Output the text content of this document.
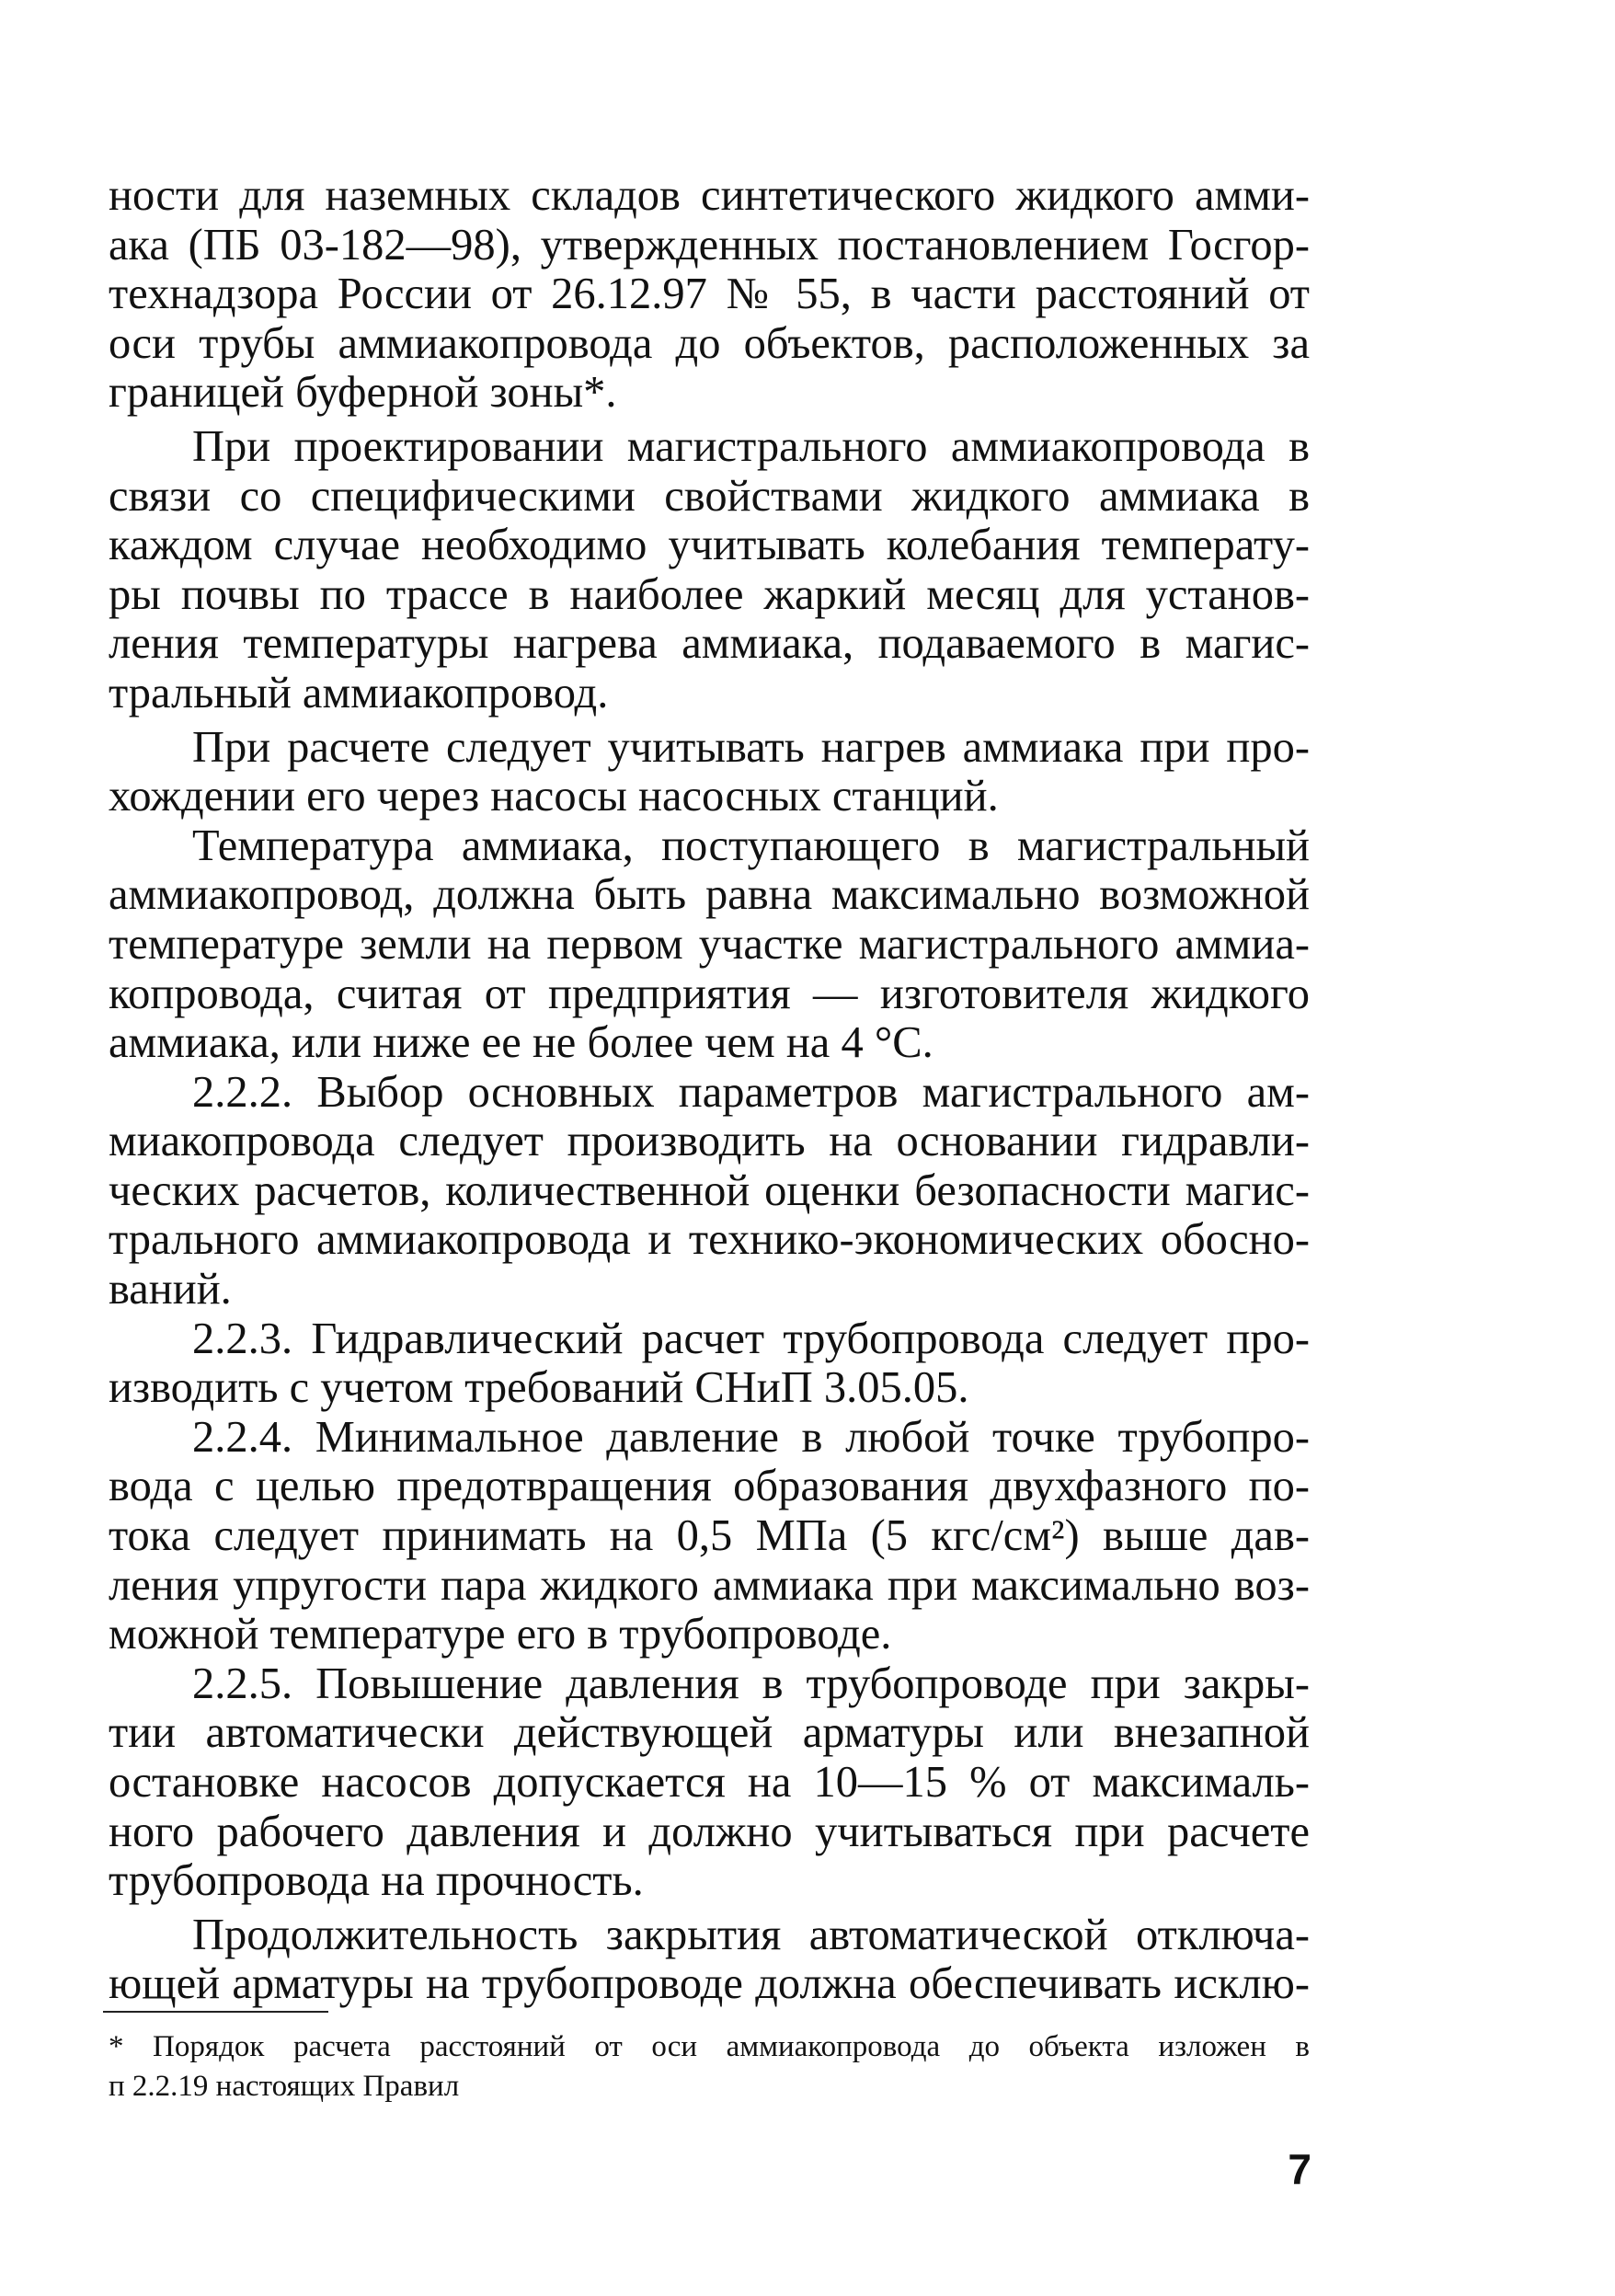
ности для наземных складов синтетического жидкого амми-
ака (ПБ 03-182—98), утвержденных постановлением Госгор-
технадзора России от 26.12.97 № 55, в части расстояний от
оси трубы аммиакопровода до объектов, расположенных за
границей буферной зоны*.
При проектировании магистрального аммиакопровода в
связи со специфическими свойствами жидкого аммиака в
каждом случае необходимо учитывать колебания температу-
ры почвы по трассе в наиболее жаркий месяц для установ-
ления температуры нагрева аммиака, подаваемого в магис-
тральный аммиакопровод.
При расчете следует учитывать нагрев аммиака при про-
хождении его через насосы насосных станций.
Температура аммиака, поступающего в магистральный
аммиакопровод, должна быть равна максимально возможной
температуре земли на первом участке магистрального аммиа-
копровода, считая от предприятия — изготовителя жидкого
аммиака, или ниже ее не более чем на 4 °С.
2.2.2. Выбор основных параметров магистрального ам-
миакопровода следует производить на основании гидравли-
ческих расчетов, количественной оценки безопасности магис-
трального аммиакопровода и технико-экономических обосно-
ваний.
2.2.3. Гидравлический расчет трубопровода следует про-
изводить с учетом требований СНиП 3.05.05.
2.2.4. Минимальное давление в любой точке трубопро-
вода с целью предотвращения образования двухфазного по-
тока следует принимать на 0,5 МПа (5 кгс/см²) выше дав-
ления упругости пара жидкого аммиака при максимально воз-
можной температуре его в трубопроводе.
2.2.5. Повышение давления в трубопроводе при закры-
тии автоматически действующей арматуры или внезапной
остановке насосов допускается на 10—15 % от максималь-
ного рабочего давления и должно учитываться при расчете
трубопровода на прочность.
Продолжительность закрытия автоматической отключа-
ющей арматуры на трубопроводе должна обеспечивать исклю-
* Порядок расчета расстояний от оси аммиакопровода до объекта изложен в
п 2.2.19 настоящих Правил
7
